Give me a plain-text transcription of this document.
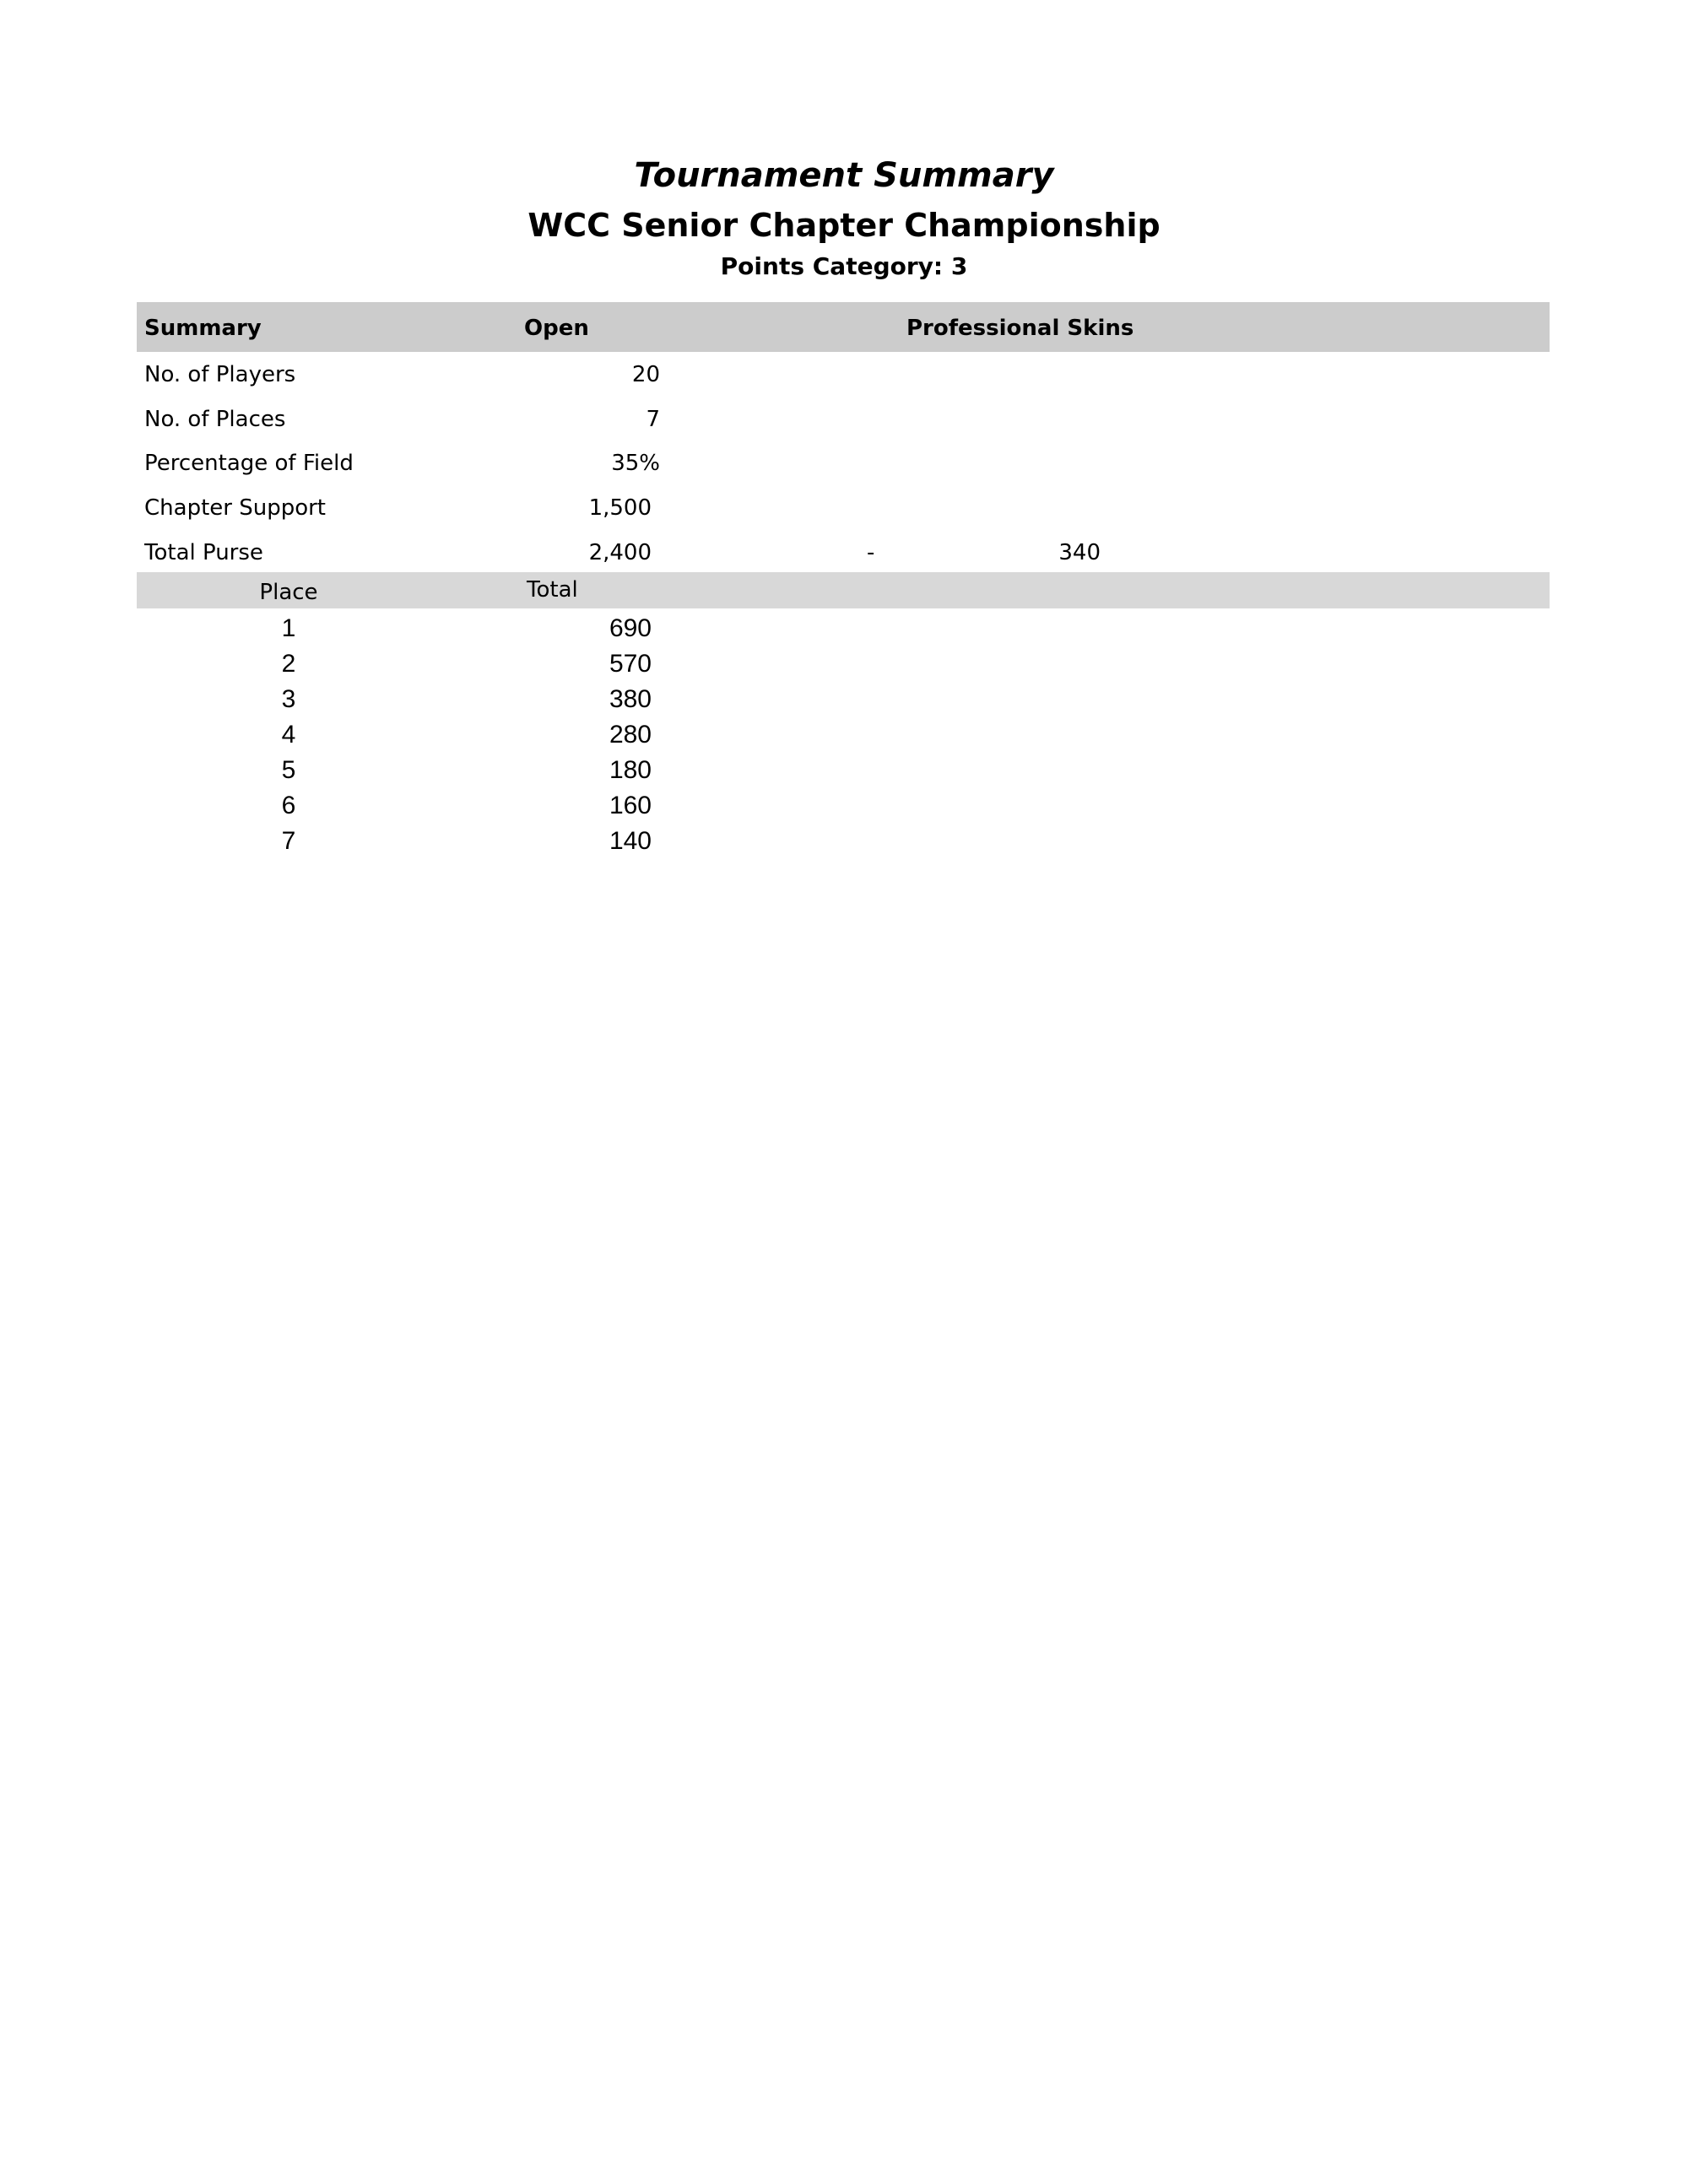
Tournament Summary
WCC Senior Chapter Championship
Points Category: 3
Summary	Open	Professional Skins
No. of Players	20
No. of Places	7
Percentage of Field	35%
Chapter Support	1,500
Total Purse	2,400	-	340
Place	Total
1	690
2	570
3	380
4	280
5	180
6	160
7	140
